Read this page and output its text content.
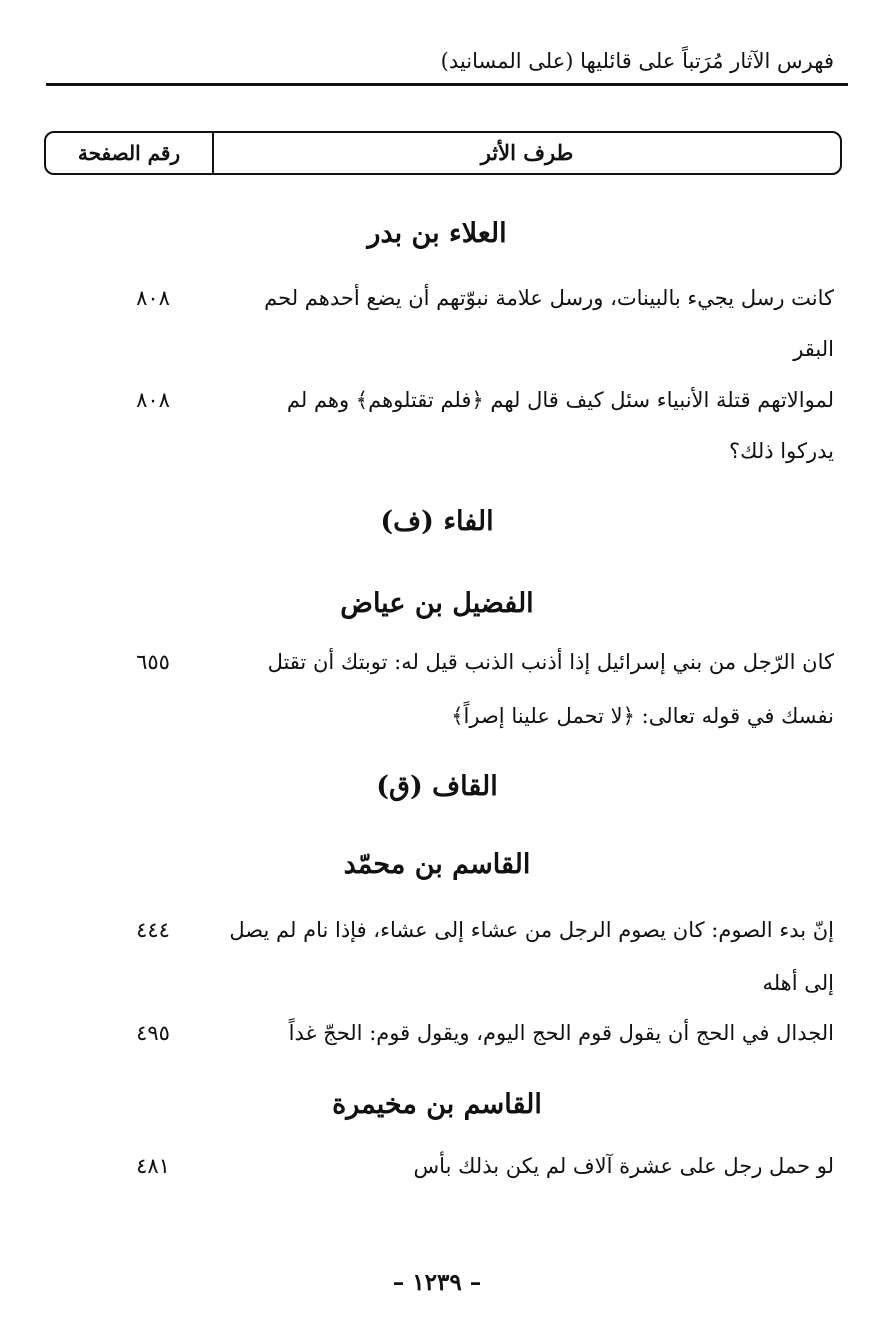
فهرس الآثار مُرَتباً على قائليها (على المسانيد)
طرف الأثر
رقم الصفحة
العلاء بن بدر
كانت رسل يجيء بالبينات، ورسل علامة نبوّتهم أن يضع أحدهم لحم
٨٠٨
البقر
لموالاتهم قتلة الأنبياء سئل كيف قال لهم ﴿فلم تقتلوهم﴾ وهم لم
٨٠٨
يدركوا ذلك؟
الفاء (ف)
الفضيل بن عياض
كان الرّجل من بني إسرائيل إذا أذنب الذنب قيل له: توبتك أن تقتل
٦٥٥
نفسك في قوله تعالى: ﴿لا تحمل علينا إصراً﴾
القاف (ق)
القاسم بن محمّد
إنّ بدء الصوم: كان يصوم الرجل من عشاء إلى عشاء، فإذا نام لم يصل
٤٤٤
إلى أهله
الجدال في الحج أن يقول قوم الحج اليوم، ويقول قوم: الحجّ غداً
٤٩٥
القاسم بن مخيمرة
لو حمل رجل على عشرة آلاف لم يكن بذلك بأس
٤٨١
– ١٢٣٩ –
